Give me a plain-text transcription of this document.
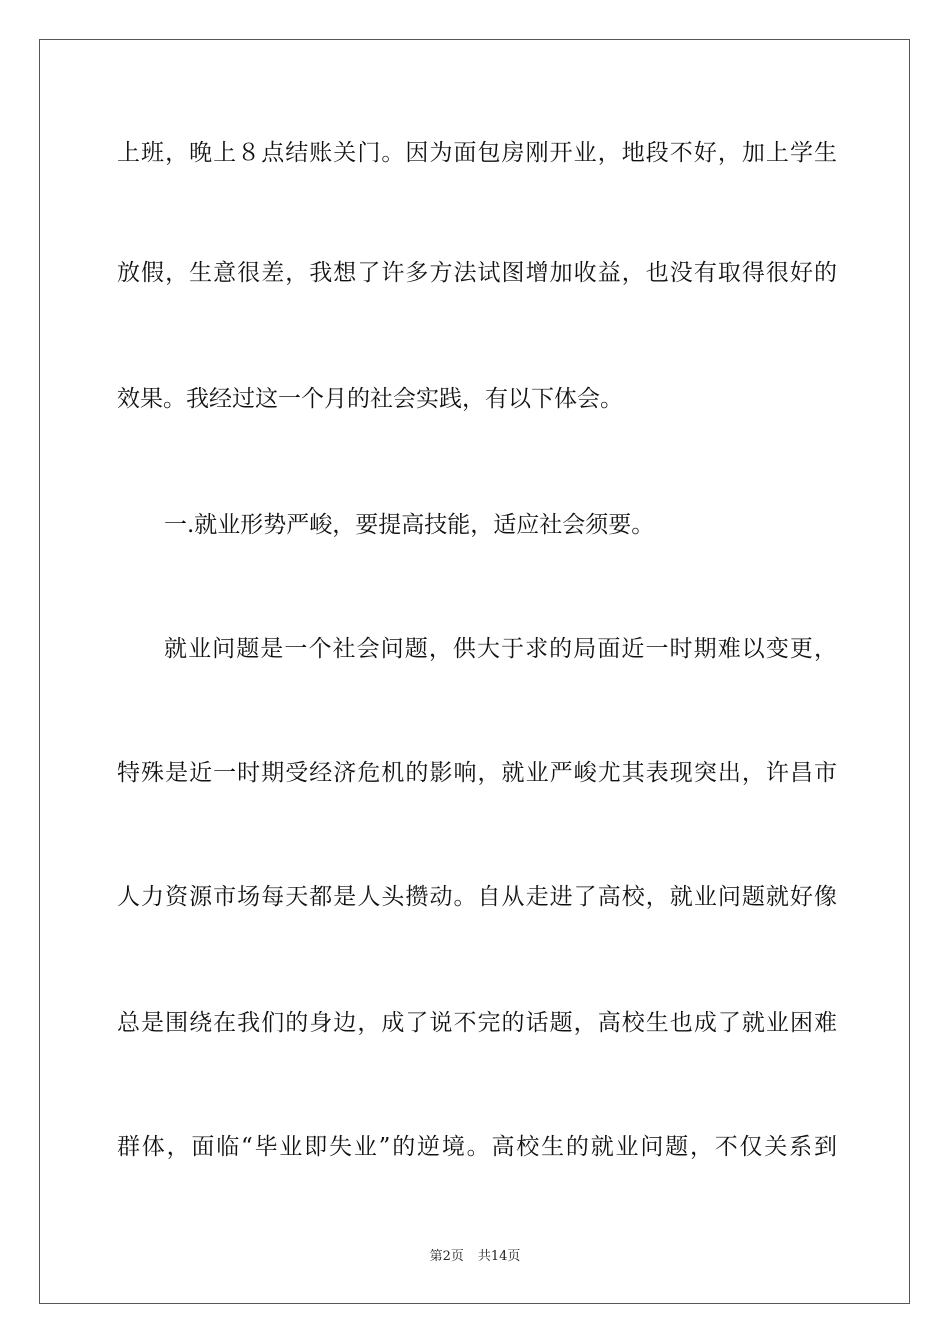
上班，晚上８点结账关门。因为面包房刚开业，地段不好，加上学生
放假，生意很差，我想了许多方法试图增加收益，也没有取得很好的
效果。我经过这一个月的社会实践，有以下体会。
一.就业形势严峻，要提高技能，适应社会须要。
就业问题是一个社会问题，供大于求的局面近一时期难以变更，
特殊是近一时期受经济危机的影响，就业严峻尤其表现突出，许昌市
人力资源市场每天都是人头攒动。自从走进了高校，就业问题就好像
总是围绕在我们的身边，成了说不完的话题，高校生也成了就业困难
群体，面临“毕业即失业”的逆境。高校生的就业问题，不仅关系到
第2页 共14页
